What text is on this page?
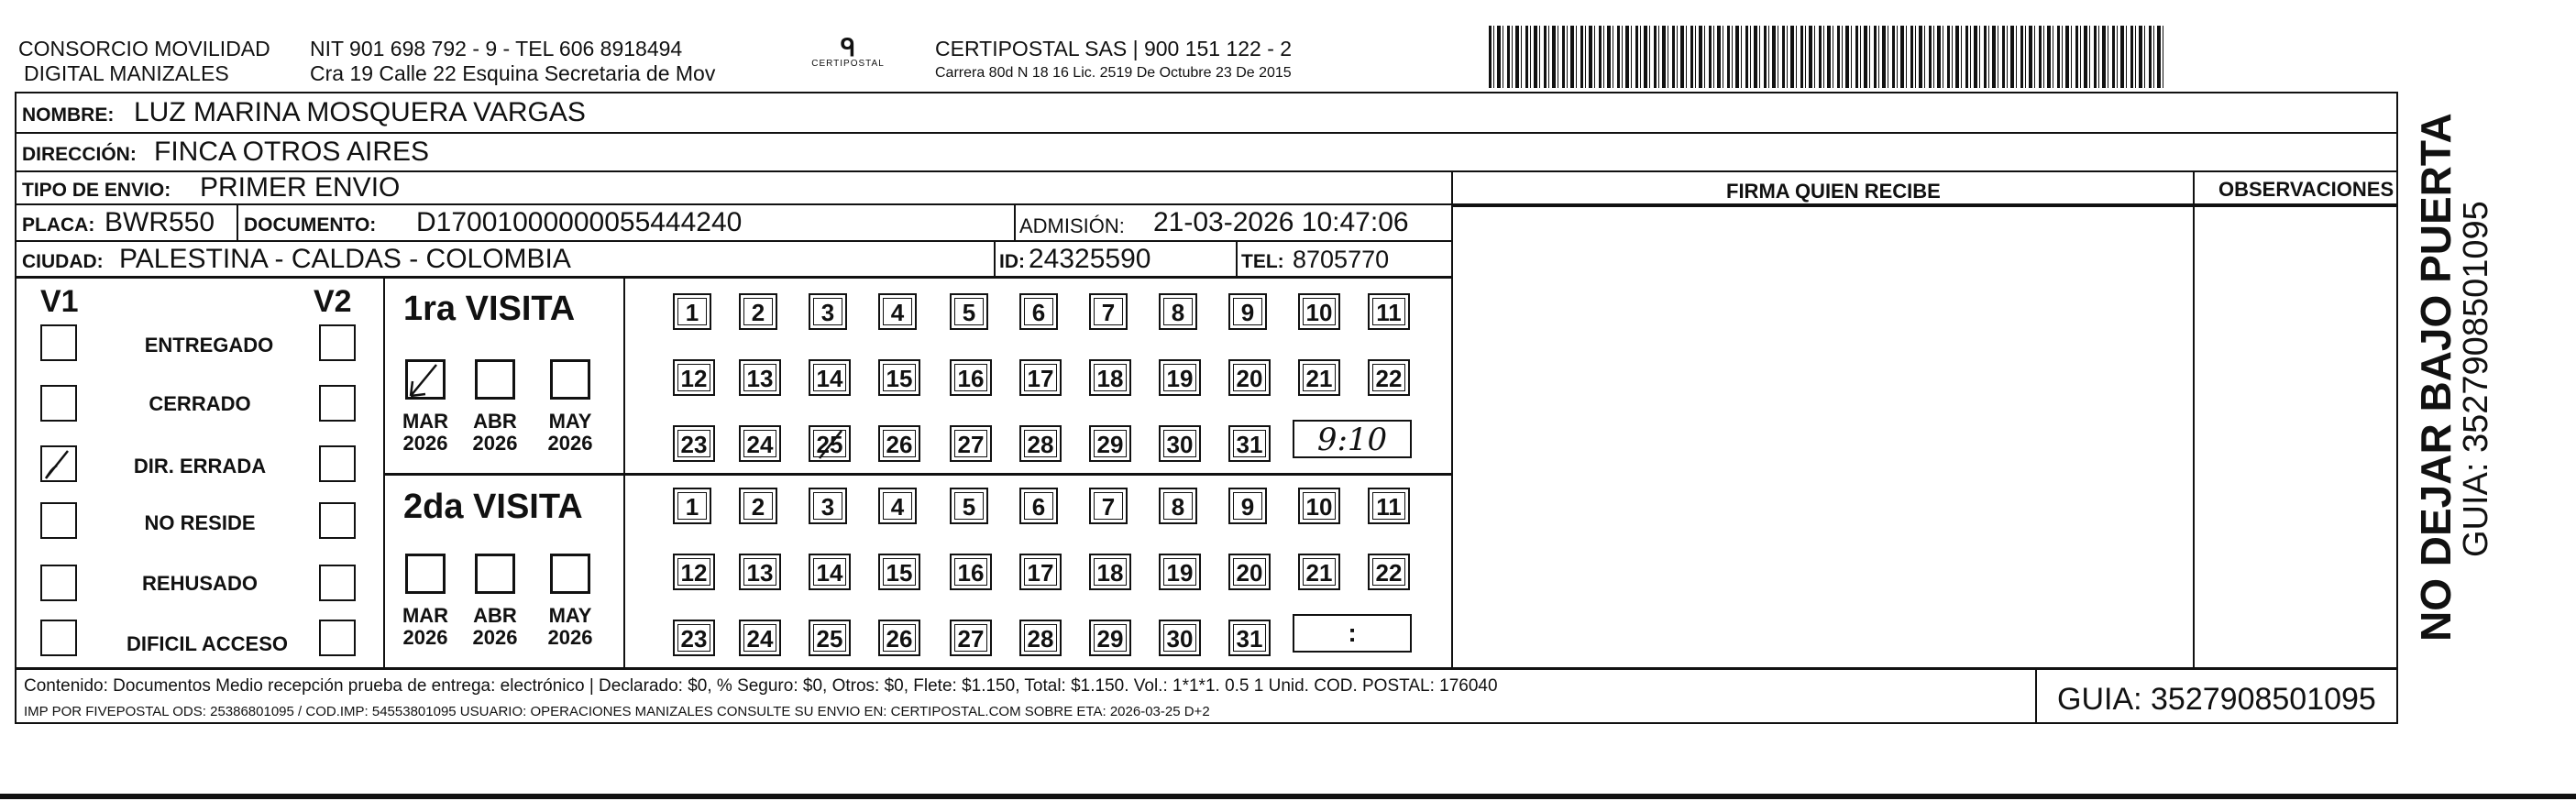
CONSORCIO MOVILIDAD
DIGITAL MANIZALES
NIT 901 698 792 - 9 - TEL 606 8918494
Cra 19 Calle 22 Esquina Secretaria de Mov
ᑫ
CERTIPOSTAL
CERTIPOSTAL SAS | 900 151 122 - 2
Carrera 80d N 18 16 Lic. 2519 De Octubre 23 De 2015
NOMBRE: LUZ MARINA MOSQUERA VARGAS
DIRECCIÓN: FINCA OTROS AIRES
TIPO DE ENVIO: PRIMER ENVIO	FIRMA QUIEN RECIBE	OBSERVACIONES
PLACA: BWR550 DOCUMENTO: D17001000000055444240	ADMISIÓN: 21-03-2026 10:47:06
CIUDAD: PALESTINA - CALDAS - COLOMBIA	ID: 24325590	TEL: 8705770
V1	V2
ENTREGADO
CERRADO
DIR. ERRADA
NO RESIDE
REHUSADO
DIFICIL ACCESO
1ra VISITA
MAR
2026
ABR
2026
MAY
2026
2da VISITA
MAR
2026
ABR
2026
MAY
2026
1	2	3	4	5	6	7	8	9	10	11
12	13	14	15	16	17	18	19	20	21	22
23	24	25	26	27	28	29	30	31
1	2	3	4	5	6	7	8	9	10	11
12	13	14	15	16	17	18	19	20	21	22
23	24	25	26	27	28	29	30	31
9:10
:
Contenido: Documentos Medio recepción prueba de entrega: electrónico | Declarado: $0, % Seguro: $0, Otros: $0, Flete: $1.150, Total: $1.150. Vol.: 1*1*1. 0.5 1 Unid. COD. POSTAL: 176040
IMP POR FIVEPOSTAL ODS: 25386801095 / COD.IMP: 54553801095 USUARIO: OPERACIONES MANIZALES CONSULTE SU ENVIO EN: CERTIPOSTAL.COM SOBRE ETA: 2026-03-25 D+2	GUIA: 3527908501095
NO DEJAR BAJO PUERTA
GUIA: 3527908501095
